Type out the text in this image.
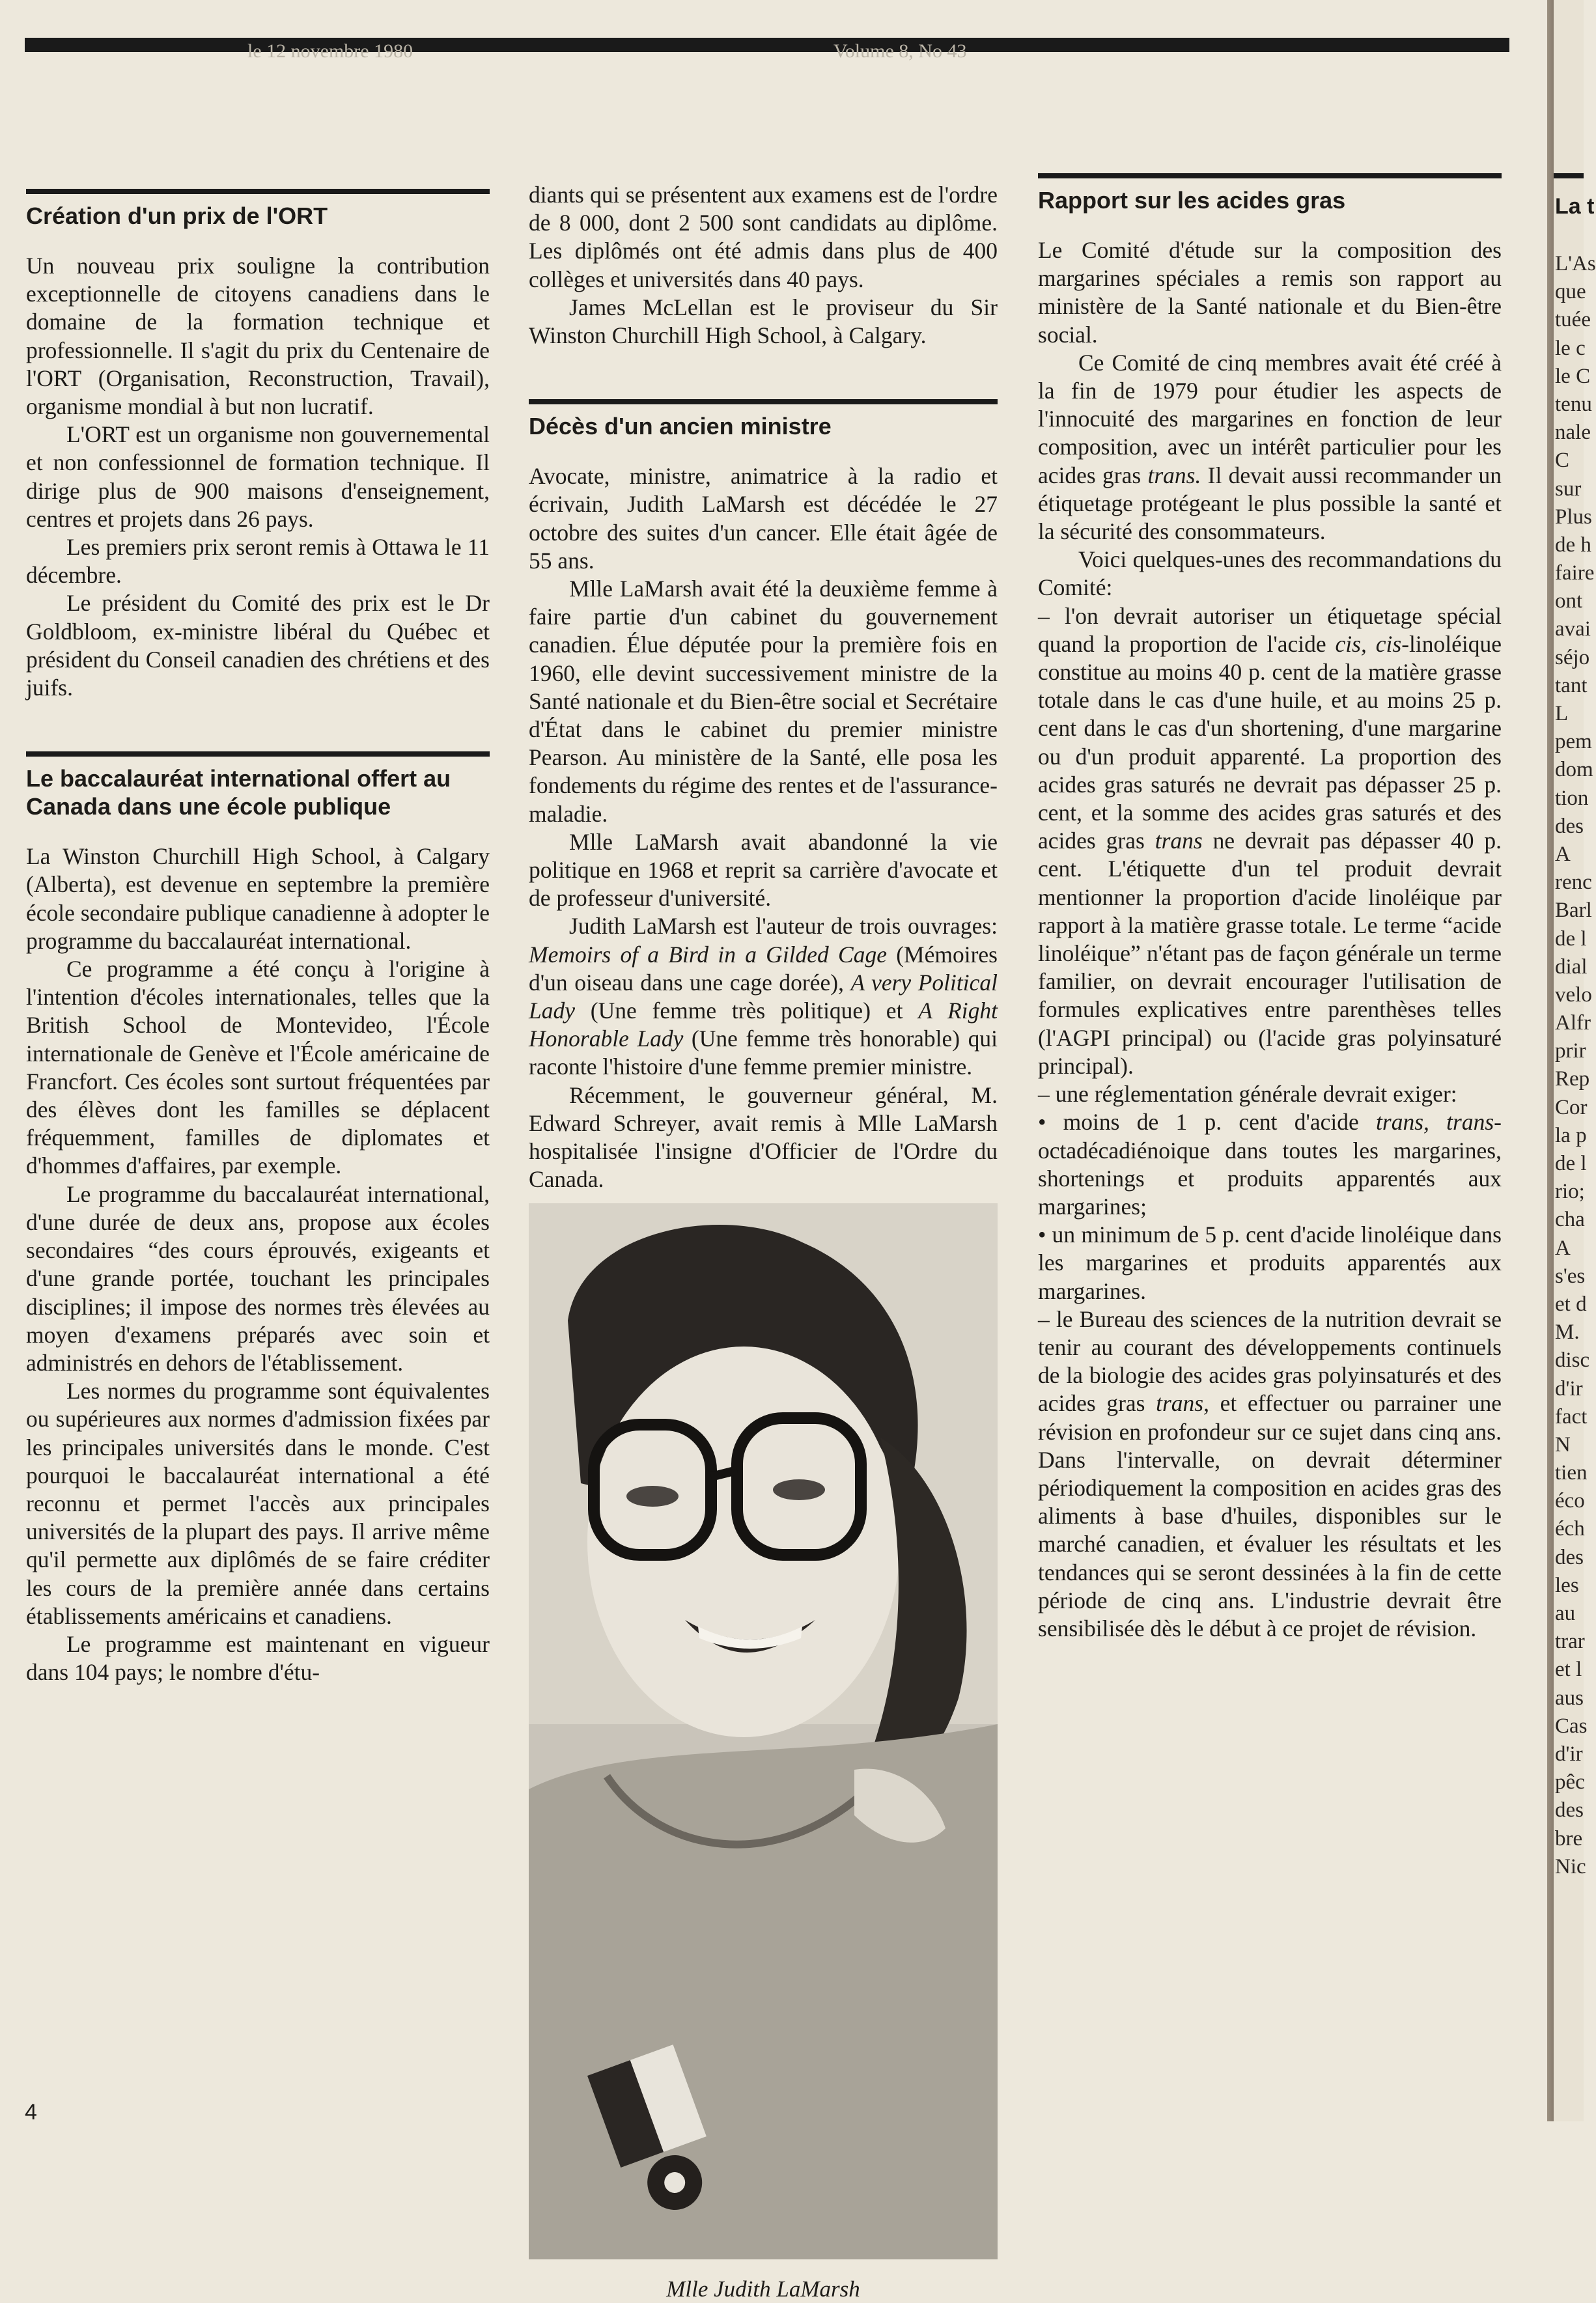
le 12 novembre 1980	Volume 8, No 43
Création d'un prix de l'ORT

Un nouveau prix souligne la contribution exceptionnelle de citoyens canadiens dans le domaine de la formation technique et professionnelle. Il s'agit du prix du Centenaire de l'ORT (Organisation, Reconstruction, Travail), organisme mondial à but non lucratif.

L'ORT est un organisme non gouvernemental et non confessionnel de formation technique. Il dirige plus de 900 maisons d'enseignement, centres et projets dans 26 pays.

Les premiers prix seront remis à Ottawa le 11 décembre.

Le président du Comité des prix est le Dr Goldbloom, ex-ministre libéral du Québec et président du Conseil canadien des chrétiens et des juifs.

Le baccalauréat international offert au Canada dans une école publique

La Winston Churchill High School, à Calgary (Alberta), est devenue en septembre la première école secondaire publique canadienne à adopter le programme du baccalauréat international.

Ce programme a été conçu à l'origine à l'intention d'écoles internationales, telles que la British School de Montevideo, l'École internationale de Genève et l'École américaine de Francfort. Ces écoles sont surtout fréquentées par des élèves dont les familles se déplacent fréquemment, familles de diplomates et d'hommes d'affaires, par exemple.

Le programme du baccalauréat international, d'une durée de deux ans, propose aux écoles secondaires “des cours éprouvés, exigeants et d'une grande portée, touchant les principales disciplines; il impose des normes très élevées au moyen d'examens préparés avec soin et administrés en dehors de l'établissement.

Les normes du programme sont équivalentes ou supérieures aux normes d'admission fixées par les principales universités dans le monde. C'est pourquoi le baccalauréat international a été reconnu et permet l'accès aux principales universités de la plupart des pays. Il arrive même qu'il permette aux diplômés de se faire créditer les cours de la première année dans certains établissements américains et canadiens.

Le programme est maintenant en vigueur dans 104 pays; le nombre d'étu-

diants qui se présentent aux examens est de l'ordre de 8 000, dont 2 500 sont candidats au diplôme. Les diplômés ont été admis dans plus de 400 collèges et universités dans 40 pays.

James McLellan est le proviseur du Sir Winston Churchill High School, à Calgary.

Décès d'un ancien ministre

Avocate, ministre, animatrice à la radio et écrivain, Judith LaMarsh est décédée le 27 octobre des suites d'un cancer. Elle était âgée de 55 ans.

Mlle LaMarsh avait été la deuxième femme à faire partie d'un cabinet du gouvernement canadien. Élue députée pour la première fois en 1960, elle devint successivement ministre de la Santé nationale et du Bien-être social et Secrétaire d'État dans le cabinet du premier ministre Pearson. Au ministère de la Santé, elle posa les fondements du régime des rentes et de l'assurance-maladie.

Mlle LaMarsh avait abandonné la vie politique en 1968 et reprit sa carrière d'avocate et de professeur d'université.

Judith LaMarsh est l'auteur de trois ouvrages: Memoirs of a Bird in a Gilded Cage (Mémoires d'un oiseau dans une cage dorée), A very Political Lady (Une femme très politique) et A Right Honorable Lady (Une femme très honorable) qui raconte l'histoire d'une femme premier ministre.

Récemment, le gouverneur général, M. Edward Schreyer, avait remis à Mlle LaMarsh hospitalisée l'insigne d'Officier de l'Ordre du Canada.

Mlle Judith LaMarsh
Rapport sur les acides gras

Le Comité d'étude sur la composition des margarines spéciales a remis son rapport au ministère de la Santé nationale et du Bien-être social.

Ce Comité de cinq membres avait été créé à la fin de 1979 pour étudier les aspects de l'innocuité des margarines en fonction de leur composition, avec un intérêt particulier pour les acides gras trans. Il devait aussi recommander un étiquetage protégeant le plus possible la santé et la sécurité des consommateurs.

Voici quelques-unes des recommandations du Comité:

– l'on devrait autoriser un étiquetage spécial quand la proportion de l'acide cis, cis-linoléique constitue au moins 40 p. cent de la matière grasse totale dans le cas d'une huile, et au moins 25 p. cent dans le cas d'un shortening, d'une margarine ou d'un produit apparenté. La proportion des acides gras saturés ne devrait pas dépasser 25 p. cent, et la somme des acides gras saturés et des acides gras trans ne devrait pas dépasser 40 p. cent. L'étiquette d'un tel produit devrait mentionner la proportion d'acide linoléique par rapport à la matière grasse totale. Le terme “acide linoléique” n'étant pas de façon générale un terme familier, on devrait encourager l'utilisation de formules explicatives entre parenthèses telles (l'AGPI principal) ou (l'acide gras polyinsaturé principal).

– une réglementation générale devrait exiger:

• moins de 1 p. cent d'acide trans, trans-octadécadiénoique dans toutes les margarines, shortenings et produits apparentés aux margarines;

• un minimum de 5 p. cent d'acide linoléique dans les margarines et produits apparentés aux margarines.

– le Bureau des sciences de la nutrition devrait se tenir au courant des développements continuels de la biologie des acides gras polyinsaturés et des acides gras trans, et effectuer ou parrainer une révision en profondeur sur ce sujet dans cinq ans. Dans l'intervalle, on devrait déterminer périodiquement la composition en acides gras des aliments à base d'huiles, disponibles sur le marché canadien, et évaluer les résultats et les tendances qui se seront dessinées à la fin de cette période de cinq ans. L'industrie devrait être sensibilisée dès le début à ce projet de révision.

4
La t
L'As
que
tuée
le c
le C
tenu
nale
C
sur
Plus
de h
faire
ont
avai
séjo
tant
L
pem
dom
tion
des
A
renc
Barl
de l
dial
velo
Alfr
prir
Rep
Cor
la p
de l
rio;
cha
A
s'es
et d
M.
disc
d'ir
fact
N
tien
éco
éch
des
les
au
trar
et l
aus
Cas
d'ir
pêc
des
bre
Nic
